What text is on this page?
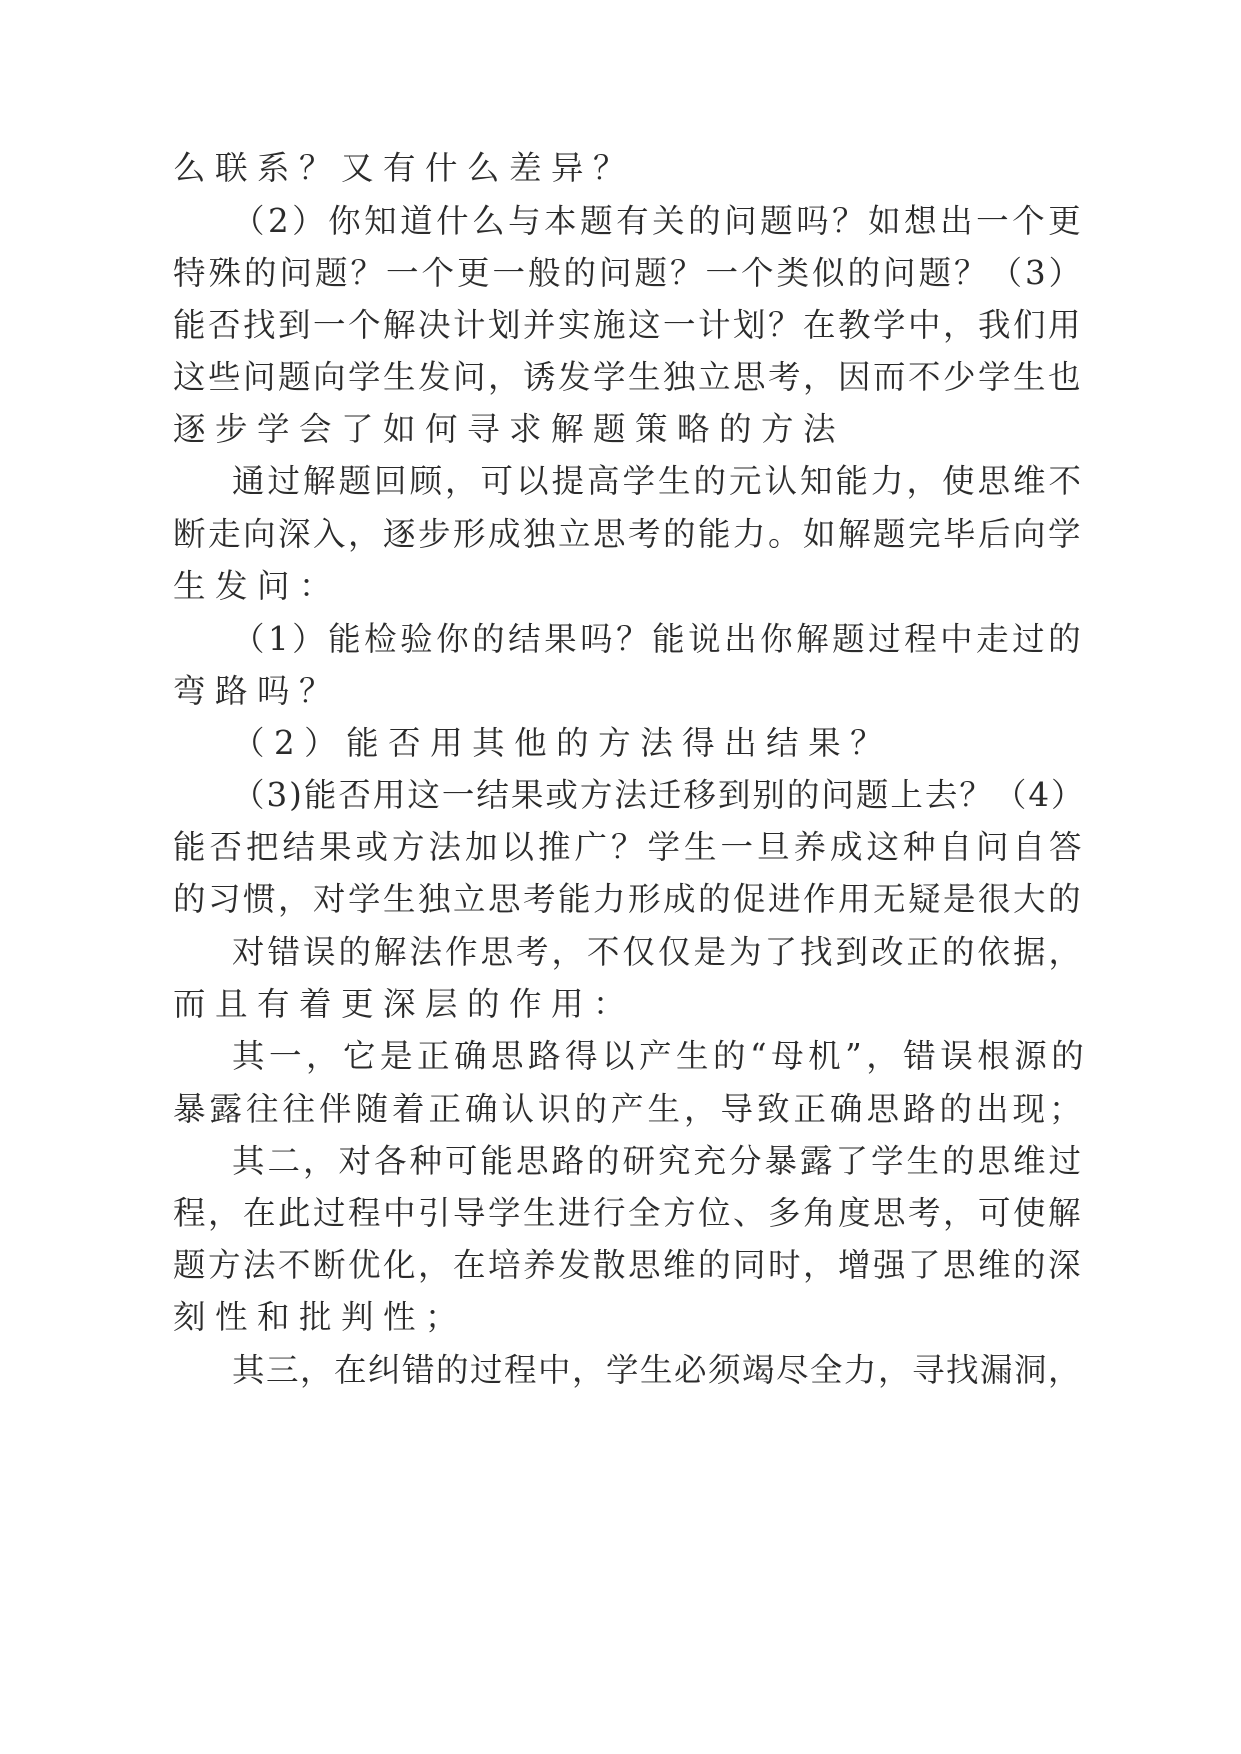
么联系？又有什么差异？
（2）你知道什么与本题有关的问题吗？如想出一个更
特殊的问题？一个更一般的问题？一个类似的问题？（3）
能否找到一个解决计划并实施这一计划？在教学中，我们用
这些问题向学生发问，诱发学生独立思考，因而不少学生也
逐步学会了如何寻求解题策略的方法
通过解题回顾，可以提高学生的元认知能力，使思维不
断走向深入，逐步形成独立思考的能力。如解题完毕后向学
生发问：
（1）能检验你的结果吗？能说出你解题过程中走过的
弯路吗？
（2）能否用其他的方法得出结果？
（3)能否用这一结果或方法迁移到别的问题上去？（4）
能否把结果或方法加以推广？学生一旦养成这种自问自答
的习惯，对学生独立思考能力形成的促进作用无疑是很大的
对错误的解法作思考，不仅仅是为了找到改正的依据，
而且有着更深层的作用：
其一，它是正确思路得以产生的“母机”，错误根源的
暴露往往伴随着正确认识的产生，导致正确思路的出现；
其二，对各种可能思路的研究充分暴露了学生的思维过
程，在此过程中引导学生进行全方位、多角度思考，可使解
题方法不断优化，在培养发散思维的同时，增强了思维的深
刻性和批判性；
其三，在纠错的过程中，学生必须竭尽全力，寻找漏洞，
